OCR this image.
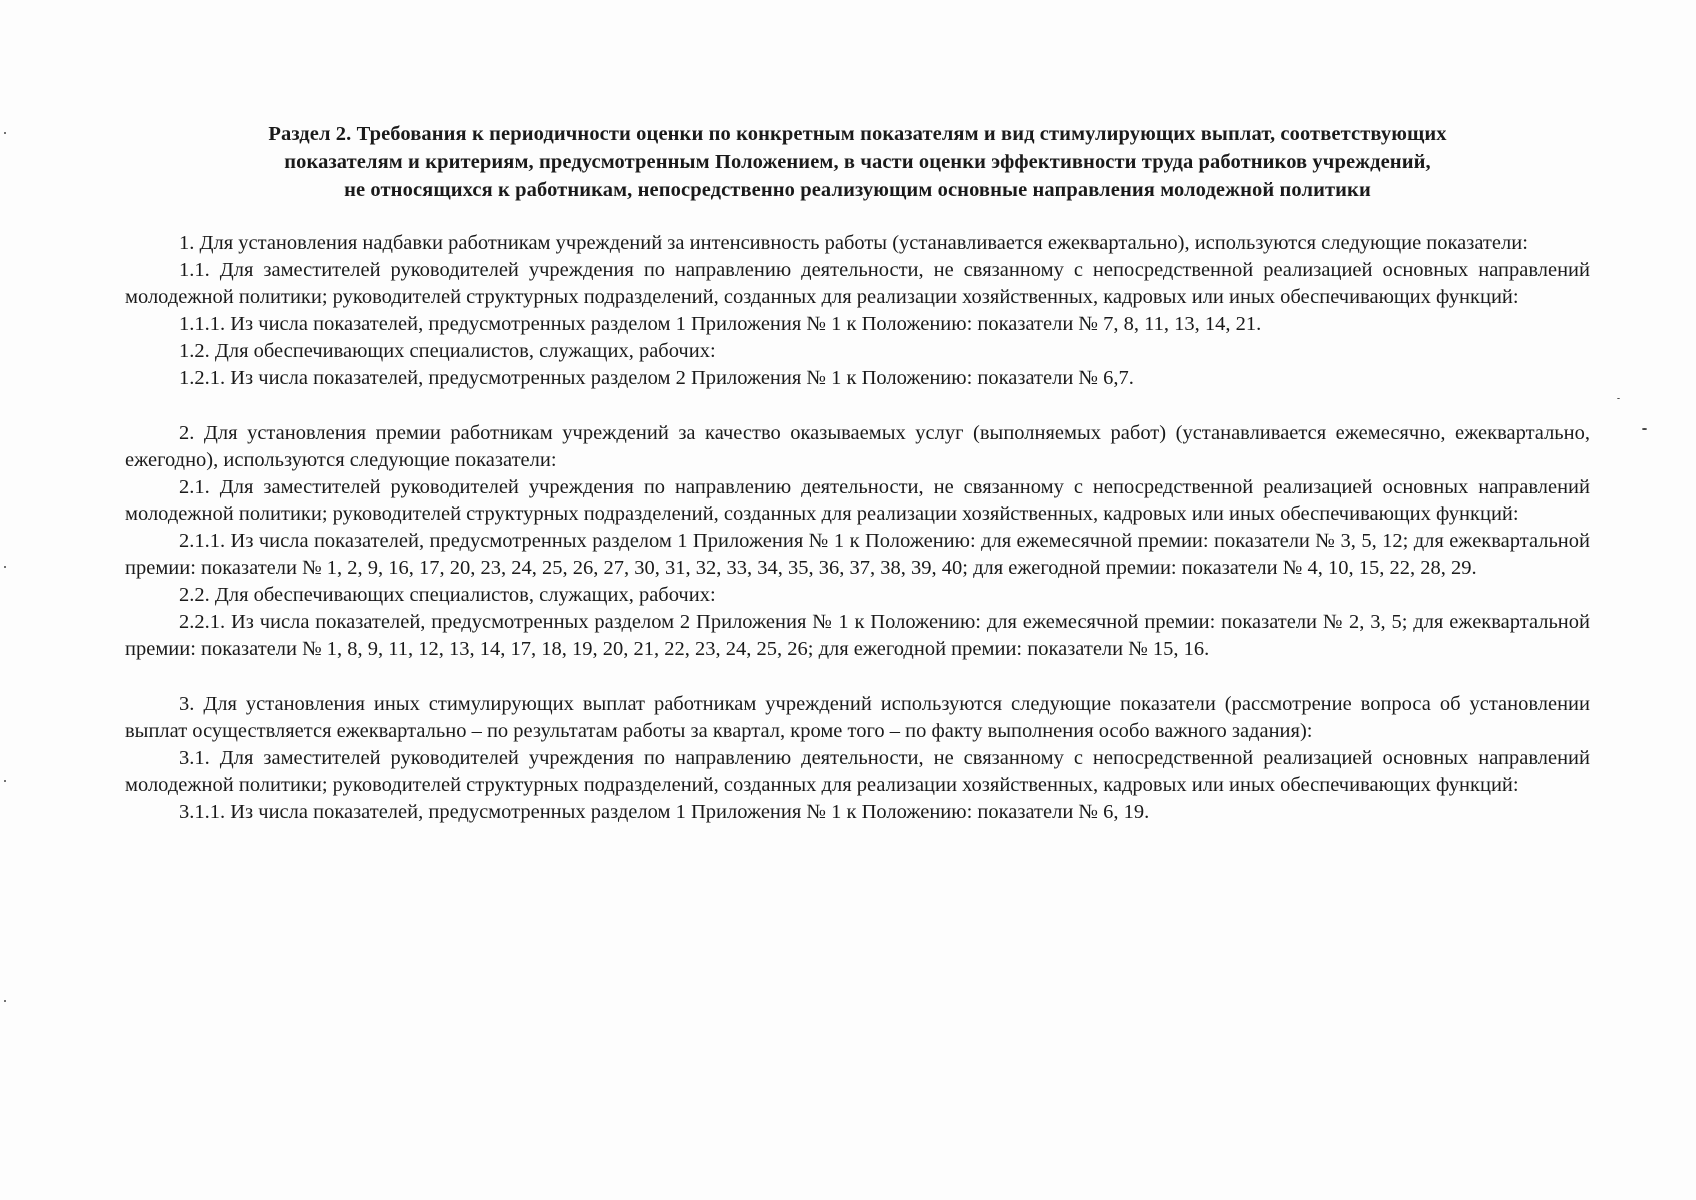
Раздел 2. Требования к периодичности оценки по конкретным показателям и вид стимулирующих выплат, соответствующих
показателям и критериям, предусмотренным Положением, в части оценки эффективности труда работников учреждений,
не относящихся к работникам, непосредственно реализующим основные направления молодежной политики

1. Для установления надбавки работникам учреждений за интенсивность работы (устанавливается ежеквартально), используются следующие показатели:

1.1. Для заместителей руководителей учреждения по направлению деятельности, не связанному с непосредственной реализацией основных направлений молодежной политики; руководителей структурных подразделений, созданных для реализации хозяйственных, кадровых или иных обеспечивающих функций:

1.1.1. Из числа показателей, предусмотренных разделом 1 Приложения № 1 к Положению: показатели № 7, 8, 11, 13, 14, 21.

1.2. Для обеспечивающих специалистов, служащих, рабочих:

1.2.1. Из числа показателей, предусмотренных разделом 2 Приложения № 1 к Положению: показатели № 6,7.

2. Для установления премии работникам учреждений за качество оказываемых услуг (выполняемых работ) (устанавливается ежемесячно, ежеквартально, ежегодно), используются следующие показатели:

2.1. Для заместителей руководителей учреждения по направлению деятельности, не связанному с непосредственной реализацией основных направлений молодежной политики; руководителей структурных подразделений, созданных для реализации хозяйственных, кадровых или иных обеспечивающих функций:

2.1.1. Из числа показателей, предусмотренных разделом 1 Приложения № 1 к Положению: для ежемесячной премии: показатели № 3, 5, 12; для ежеквартальной премии: показатели № 1, 2, 9, 16, 17, 20, 23, 24, 25, 26, 27, 30, 31, 32, 33, 34, 35, 36, 37, 38, 39, 40; для ежегодной премии: показатели № 4, 10, 15, 22, 28, 29.

2.2. Для обеспечивающих специалистов, служащих, рабочих:

2.2.1. Из числа показателей, предусмотренных разделом 2 Приложения № 1 к Положению: для ежемесячной премии: показатели № 2, 3, 5; для ежеквартальной премии: показатели № 1, 8, 9, 11, 12, 13, 14, 17, 18, 19, 20, 21, 22, 23, 24, 25, 26; для ежегодной премии: показатели № 15, 16.

3. Для установления иных стимулирующих выплат работникам учреждений используются следующие показатели (рассмотрение вопроса об установлении выплат осуществляется ежеквартально – по результатам работы за квартал, кроме того – по факту выполнения особо важного задания):

3.1. Для заместителей руководителей учреждения по направлению деятельности, не связанному с непосредственной реализацией основных направлений молодежной политики; руководителей структурных подразделений, созданных для реализации хозяйственных, кадровых или иных обеспечивающих функций:

3.1.1. Из числа показателей, предусмотренных разделом 1 Приложения № 1 к Положению: показатели № 6, 19.
